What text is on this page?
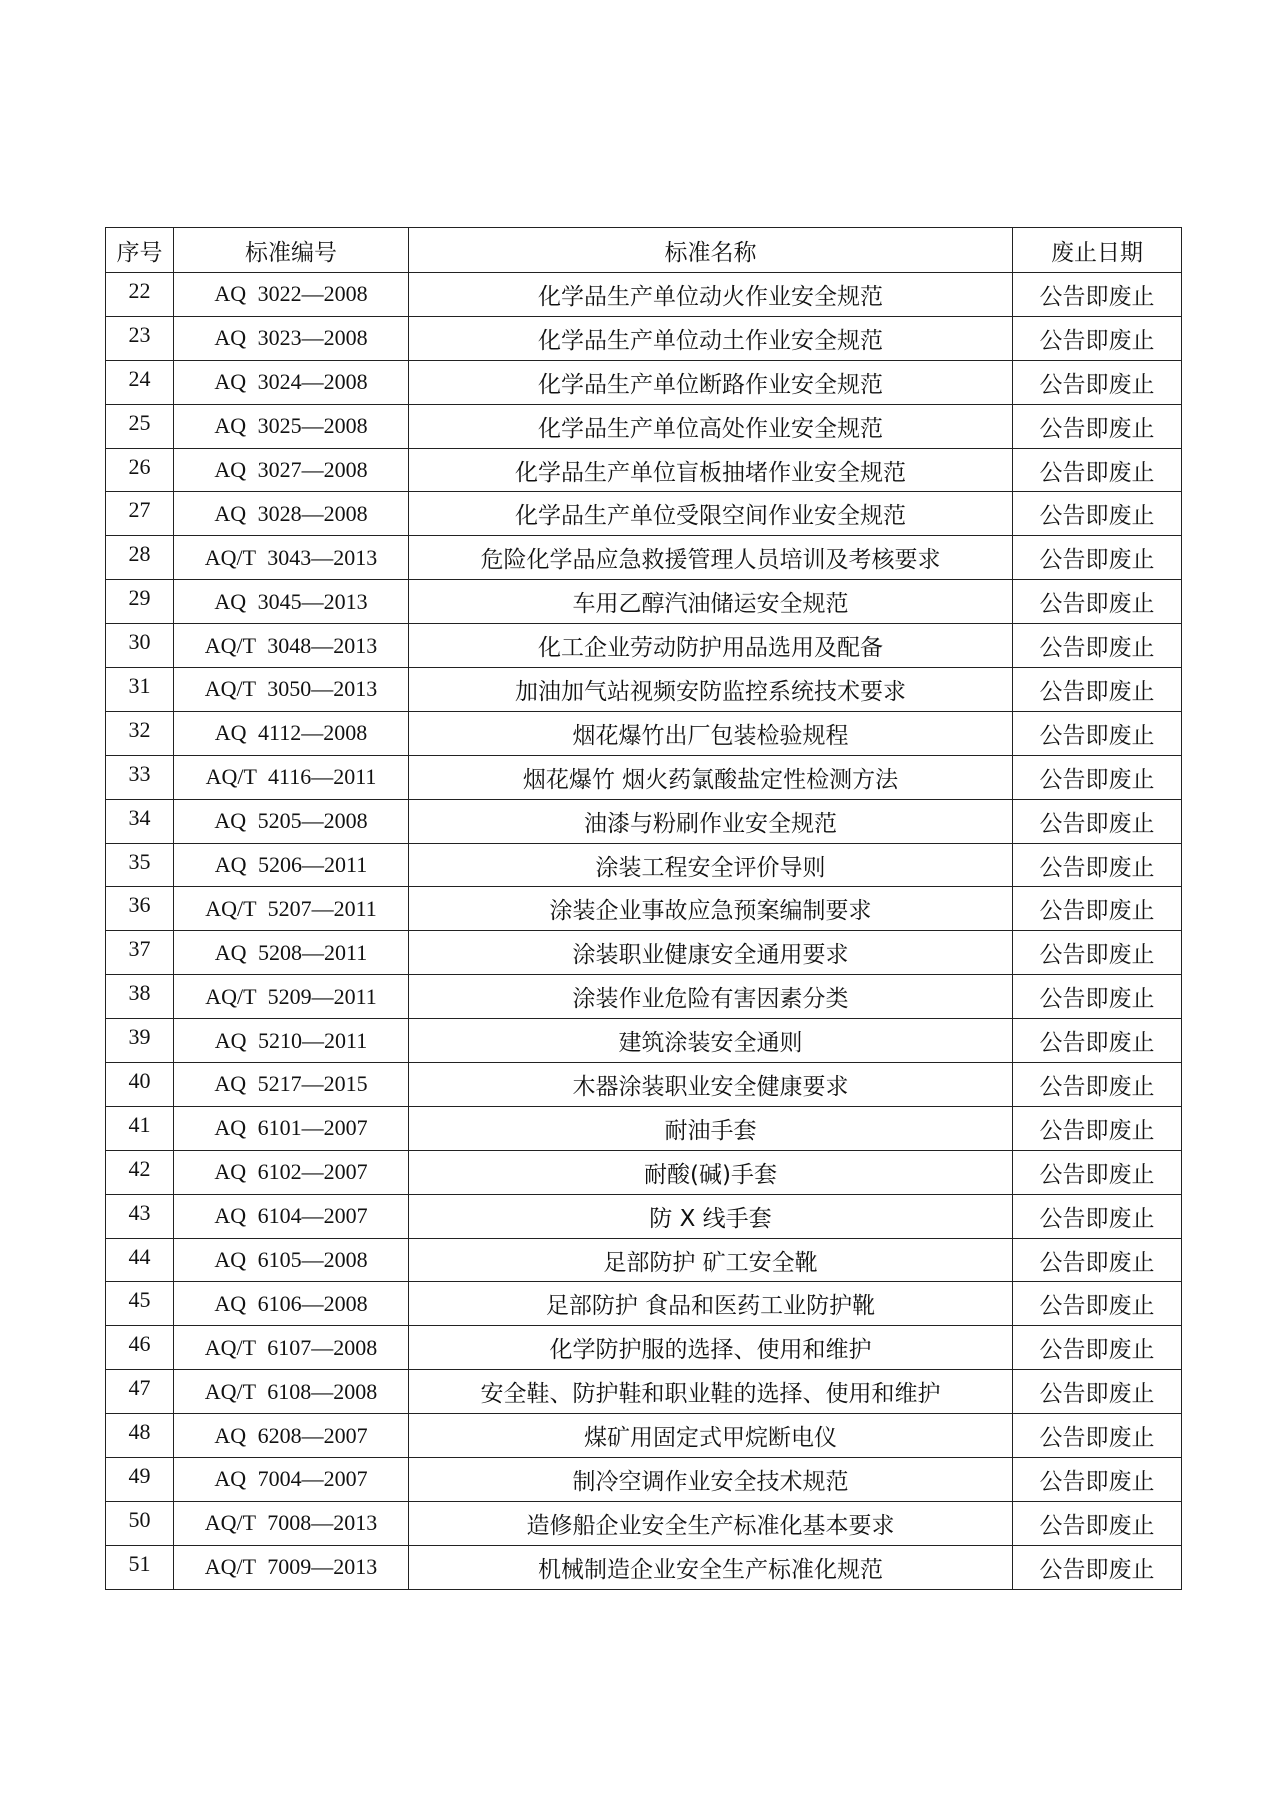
序号	标准编号	标准名称	废止日期
22	AQ 3022—2008	化学品生产单位动火作业安全规范	公告即废止
23	AQ 3023—2008	化学品生产单位动土作业安全规范	公告即废止
24	AQ 3024—2008	化学品生产单位断路作业安全规范	公告即废止
25	AQ 3025—2008	化学品生产单位高处作业安全规范	公告即废止
26	AQ 3027—2008	化学品生产单位盲板抽堵作业安全规范	公告即废止
27	AQ 3028—2008	化学品生产单位受限空间作业安全规范	公告即废止
28	AQ/T 3043—2013	危险化学品应急救援管理人员培训及考核要求	公告即废止
29	AQ 3045—2013	车用乙醇汽油储运安全规范	公告即废止
30	AQ/T 3048—2013	化工企业劳动防护用品选用及配备	公告即废止
31	AQ/T 3050—2013	加油加气站视频安防监控系统技术要求	公告即废止
32	AQ 4112—2008	烟花爆竹出厂包装检验规程	公告即废止
33	AQ/T 4116—2011	烟花爆竹 烟火药氯酸盐定性检测方法	公告即废止
34	AQ 5205—2008	油漆与粉刷作业安全规范	公告即废止
35	AQ 5206—2011	涂装工程安全评价导则	公告即废止
36	AQ/T 5207—2011	涂装企业事故应急预案编制要求	公告即废止
37	AQ 5208—2011	涂装职业健康安全通用要求	公告即废止
38	AQ/T 5209—2011	涂装作业危险有害因素分类	公告即废止
39	AQ 5210—2011	建筑涂装安全通则	公告即废止
40	AQ 5217—2015	木器涂装职业安全健康要求	公告即废止
41	AQ 6101—2007	耐油手套	公告即废止
42	AQ 6102—2007	耐酸(碱)手套	公告即废止
43	AQ 6104—2007	防 X 线手套	公告即废止
44	AQ 6105—2008	足部防护 矿工安全靴	公告即废止
45	AQ 6106—2008	足部防护 食品和医药工业防护靴	公告即废止
46	AQ/T 6107—2008	化学防护服的选择、使用和维护	公告即废止
47	AQ/T 6108—2008	安全鞋、防护鞋和职业鞋的选择、使用和维护	公告即废止
48	AQ 6208—2007	煤矿用固定式甲烷断电仪	公告即废止
49	AQ 7004—2007	制冷空调作业安全技术规范	公告即废止
50	AQ/T 7008—2013	造修船企业安全生产标准化基本要求	公告即废止
51	AQ/T 7009—2013	机械制造企业安全生产标准化规范	公告即废止
